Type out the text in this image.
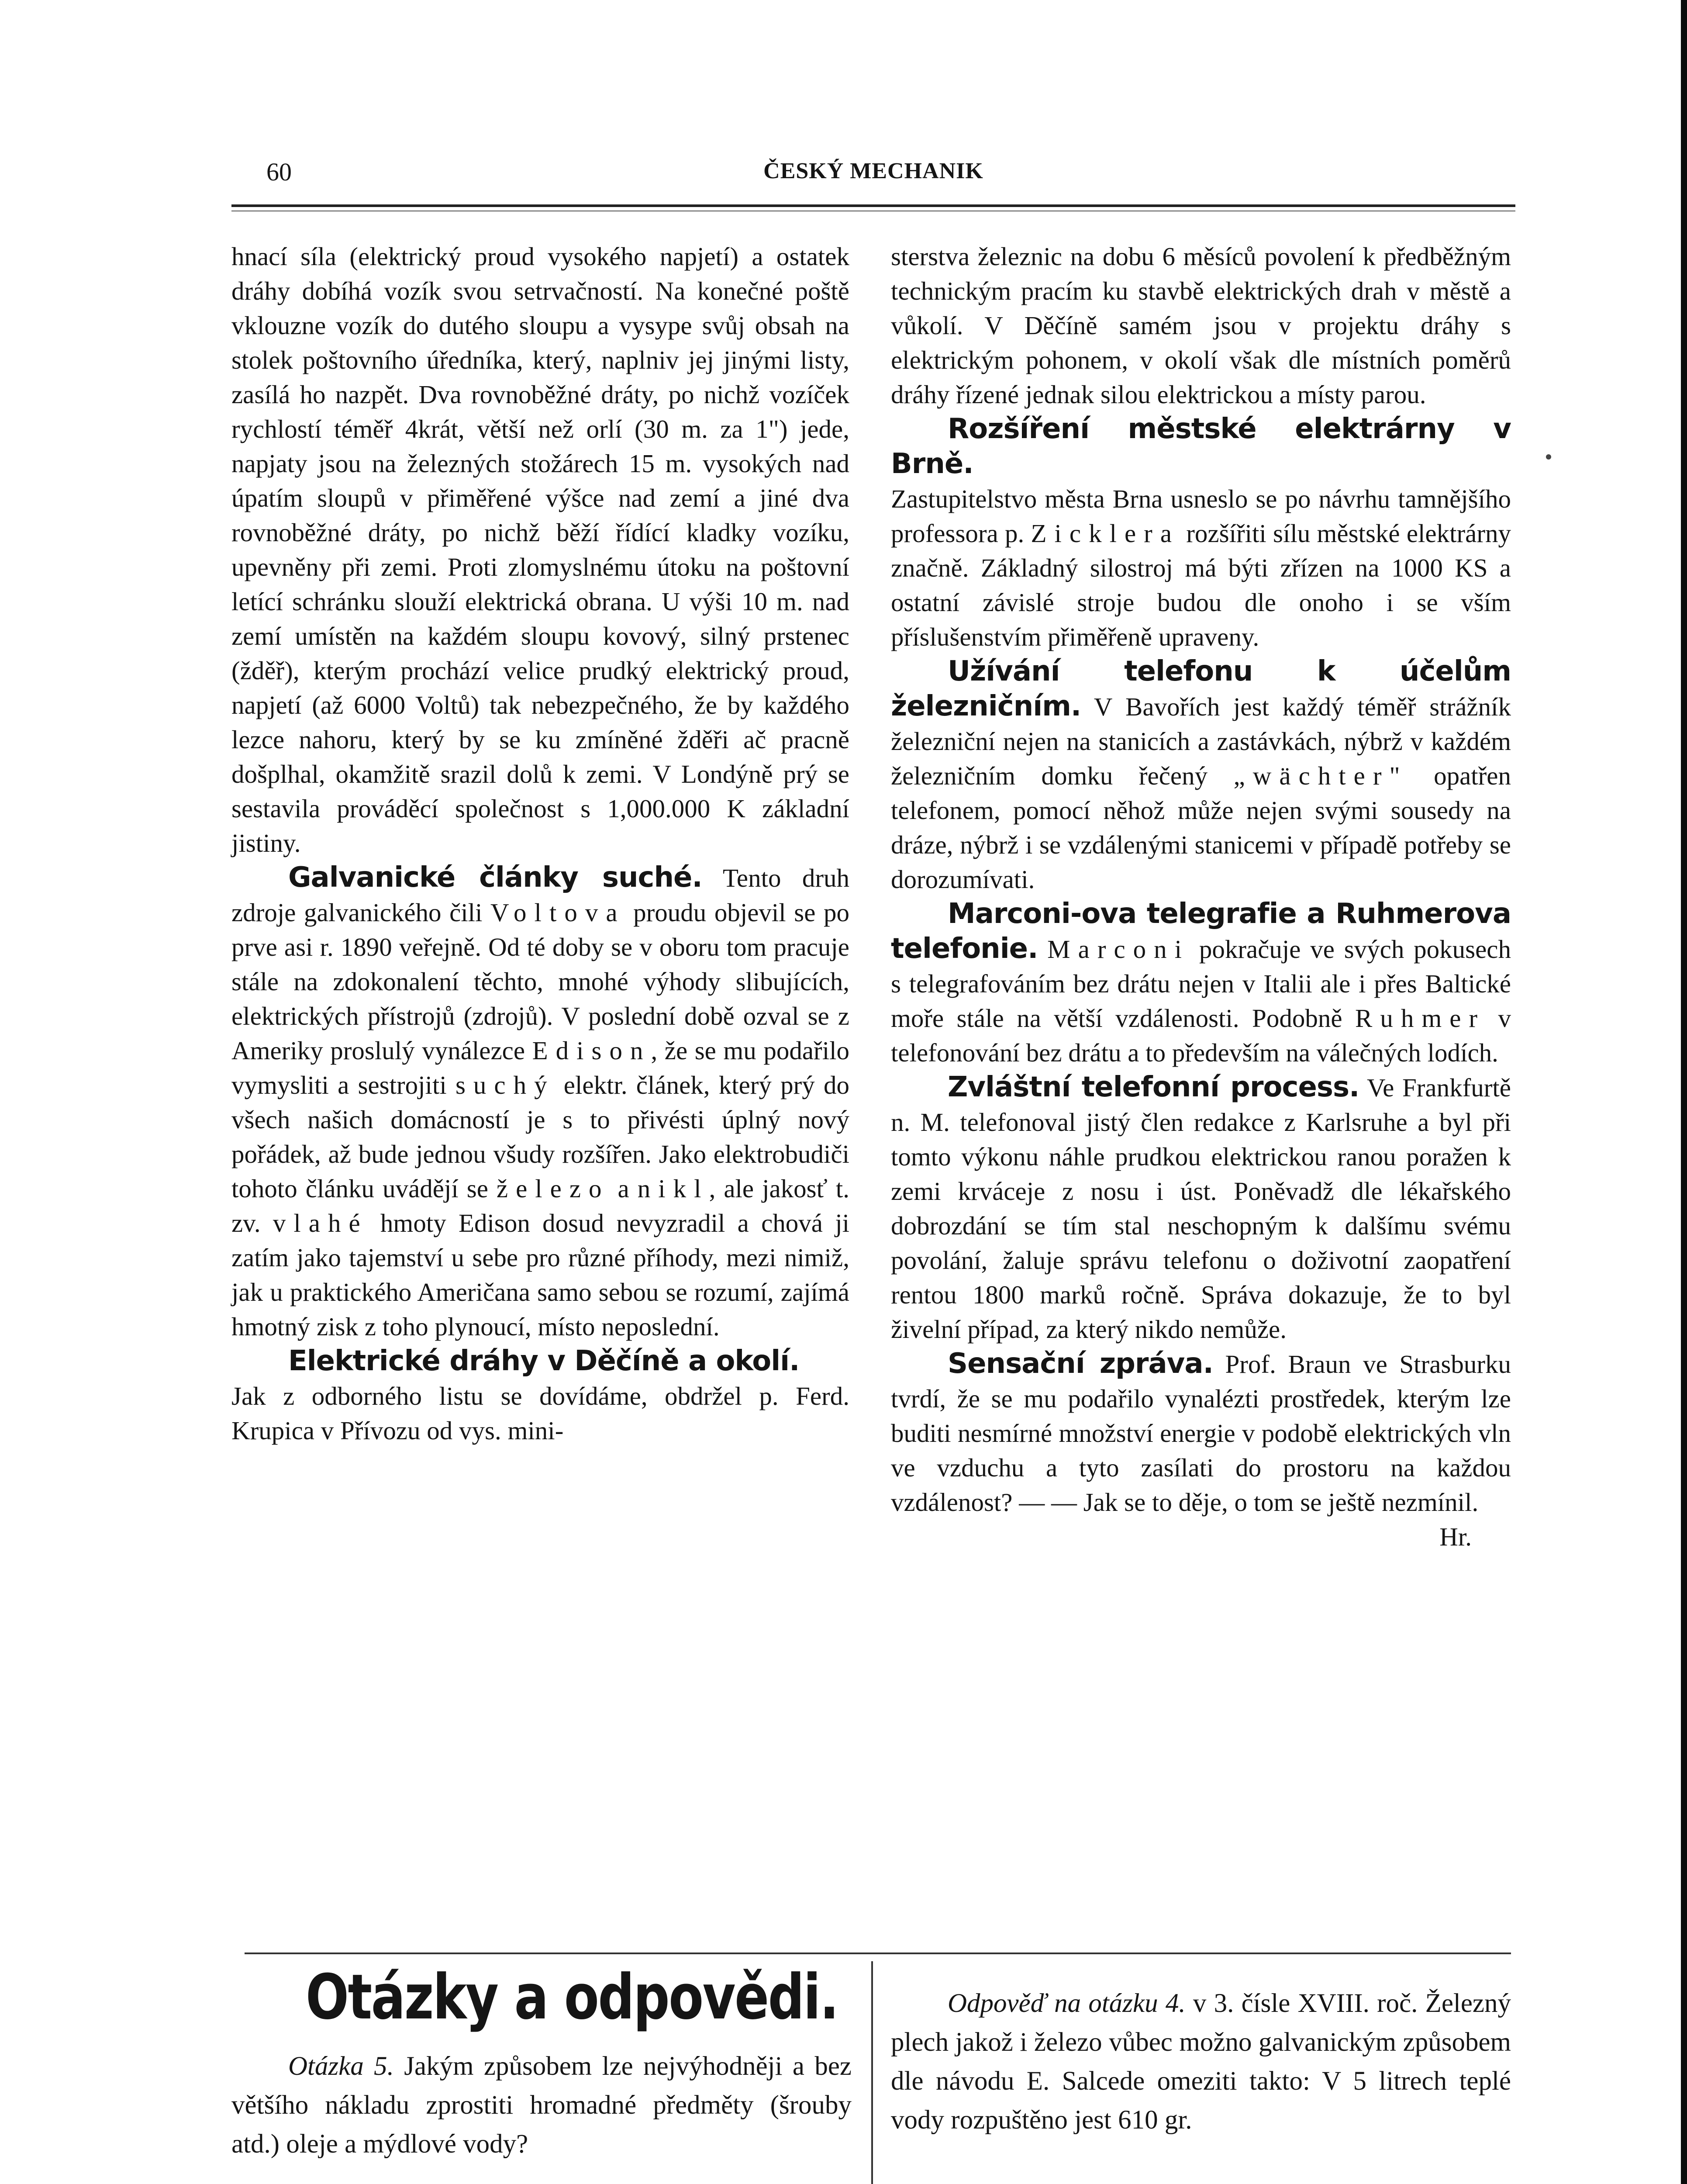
60	ČESKÝ MECHANIK

hnací síla (elektrický proud vysokého napjetí) a ostatek dráhy dobíhá vozík svou setrvačností. Na konečné poště vklouzne vozík do dutého sloupu a vysype svůj obsah na stolek poštovního úředníka, který, naplniv jej jinými listy, zasílá ho nazpět. Dva rovnoběžné dráty, po nichž vozíček rychlostí téměř 4krát, větší než orlí (30 m. za 1") jede, napjaty jsou na železných stožárech 15 m. vysokých nad úpatím sloupů v přiměřené výšce nad zemí a jiné dva rovnoběžné dráty, po nichž běží řídící kladky vozíku, upevněny při zemi. Proti zlomyslnému útoku na poštovní letící schránku slouží elektrická obrana. U výši 10 m. nad zemí umístěn na každém sloupu kovový, silný prstenec (žděř), kterým prochází velice prudký elektrický proud, napjetí (až 6000 Voltů) tak nebezpečného, že by každého lezce nahoru, který by se ku zmíněné žděři ač pracně došplhal, okamžitě srazil dolů k zemi. V Londýně prý se sestavila prováděcí společnost s 1,000.000 K základní jistiny.

Galvanické články suché. Tento druh zdroje galvanického čili Voltova proudu objevil se po prve asi r. 1890 veřejně. Od té doby se v oboru tom pracuje stále na zdokonalení těchto, mnohé výhody slibujících, elektrických přístrojů (zdrojů). V poslední době ozval se z Ameriky proslulý vynálezce Edison, že se mu podařilo vymysliti a sestrojiti suchý elektr. článek, který prý do všech našich domácností je s to přivésti úplný nový pořádek, až bude jednou všudy rozšířen. Jako elektrobudiči tohoto článku uvádějí se železo a nikl, ale jakosť t. zv. vlahé hmoty Edison dosud nevyzradil a chová ji zatím jako tajemství u sebe pro různé příhody, mezi nimiž, jak u praktického Američana samo sebou se rozumí, zajímá hmotný zisk z toho plynoucí, místo neposlední.

Elektrické dráhy v Děčíně a okolí.

Jak z odborného listu se dovídáme, obdržel p. Ferd. Krupica v Přívozu od vys. mini-

sterstva železnic na dobu 6 měsíců povolení k předběžným technickým pracím ku stavbě elektrických drah v městě a vůkolí. V Děčíně samém jsou v projektu dráhy s elektrickým pohonem, v okolí však dle místních poměrů dráhy řízené jednak silou elektrickou a místy parou.

Rozšíření městské elektrárny v Brně.

Zastupitelstvo města Brna usneslo se po návrhu tamnějšího professora p. Zicklera rozšířiti sílu městské elektrárny značně. Základný silostroj má býti zřízen na 1000 KS a ostatní závislé stroje budou dle onoho i se vším příslušenstvím přiměřeně upraveny.

Užívání telefonu k účelům železničním. V Bavořích jest každý téměř strážník železniční nejen na stanicích a zastávkách, nýbrž v každém železničním domku řečený „wächter" opatřen telefonem, pomocí něhož může nejen svými sousedy na dráze, nýbrž i se vzdálenými stanicemi v případě potřeby se dorozumívati.

Marconi-ova telegrafie a Ruhmerova telefonie. Marconi pokračuje ve svých pokusech s telegrafováním bez drátu nejen v Italii ale i přes Baltické moře stále na větší vzdálenosti. Podobně Ruhmer v telefonování bez drátu a to především na válečných lodích.

Zvláštní telefonní process. Ve Frankfurtě n. M. telefonoval jistý člen redakce z Karlsruhe a byl při tomto výkonu náhle prudkou elektrickou ranou poražen k zemi krváceje z nosu i úst. Poněvadž dle lékařského dobrozdání se tím stal neschopným k dalšímu svému povolání, žaluje správu telefonu o doživotní zaopatření rentou 1800 marků ročně. Správa dokazuje, že to byl živelní případ, za který nikdo nemůže.

Sensační zpráva. Prof. Braun ve Strasburku tvrdí, že se mu podařilo vynalézti prostředek, kterým lze buditi nesmírné množství energie v podobě elektrických vln ve vzduchu a tyto zasílati do prostoru na každou vzdálenost? — — Jak se to děje, o tom se ještě nezmínil.
Hr.

Otázky a odpovědi.

Otázka 5. Jakým způsobem lze nejvýhodněji a bez většího nákladu zprostiti hromadné předměty (šrouby atd.) oleje a mýdlové vody?

Odpověď na otázku 4. v 3. čísle XVIII. roč. Železný plech jakož i železo vůbec možno galvanickým způsobem dle návodu E. Salcede omeziti takto: V 5 litrech teplé vody rozpuštěno jest 610 gr.
